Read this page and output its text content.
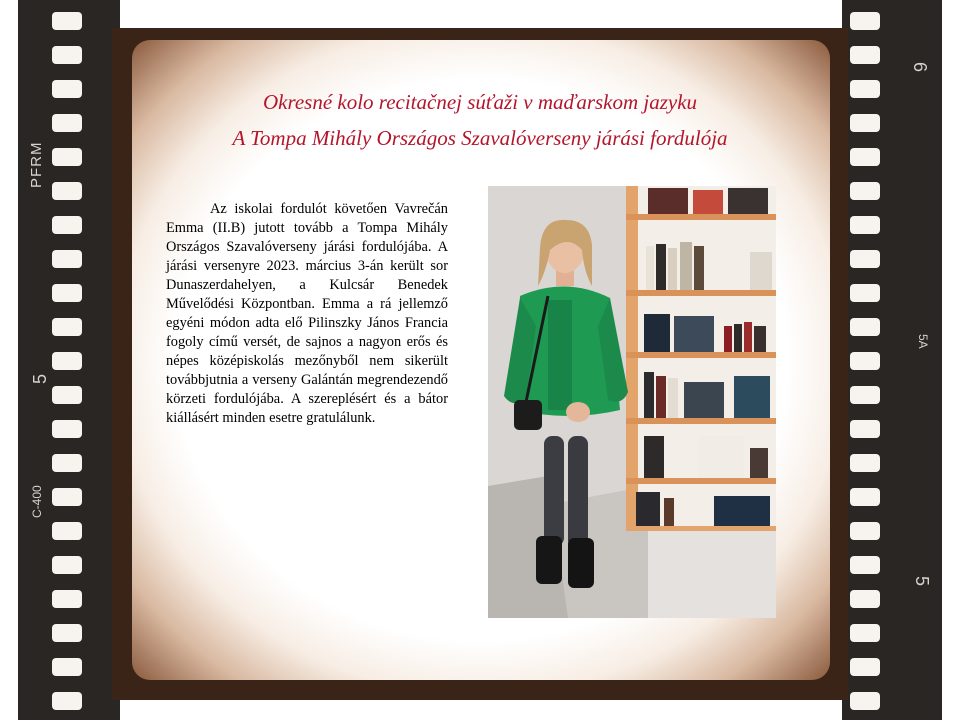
PFRM
5
C-400
6
5A
5
Okresné kolo recitačnej súťaži v maďarskom jazyku
A Tompa Mihály Országos Szavalóverseny járási fordulója
Az iskolai fordulót követően Vavrečán Emma (II.B) jutott tovább a Tompa Mihály Országos Szavalóverseny járási fordulójába. A járási versenyre 2023. március 3-án került sor Dunaszerdahelyen, a Kulcsár Benedek Művelődési Központban. Emma a rá jellemző egyéni módon adta elő Pilinszky János Francia fogoly című versét, de sajnos a nagyon erős és népes középiskolás mezőnyből nem sikerült továbbjutnia a verseny Galántán megrendezendő körzeti fordulójába. A szereplésért és a bátor kiállásért minden esetre gratulálunk.
